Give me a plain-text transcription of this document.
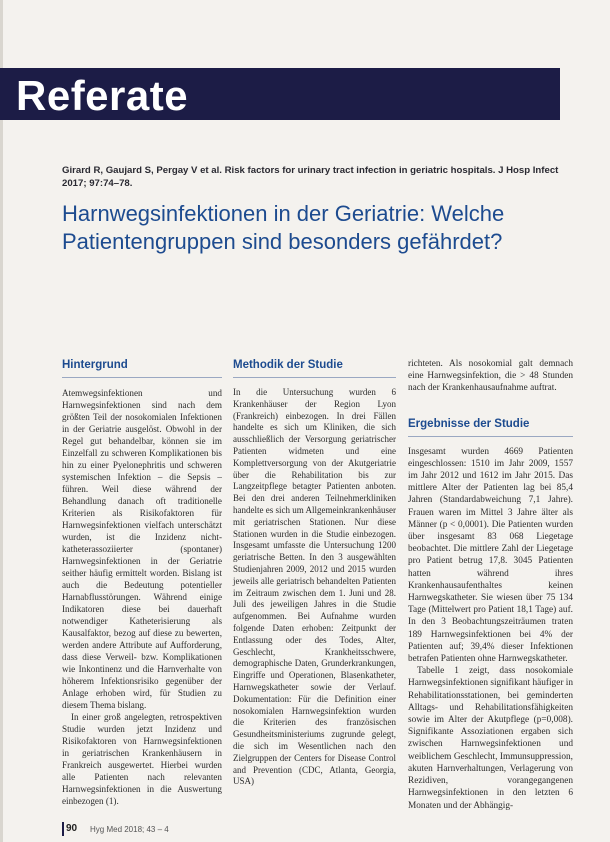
Referate
Girard R, Gaujard S, Pergay V et al. Risk factors for urinary tract infection in geriatric hospitals. J Hosp Infect 2017; 97:74–78.
Harnwegsinfektionen in der Geriatrie: Welche Patientengruppen sind besonders gefährdet?
Hintergrund

Atemwegsinfektionen und Harnwegsinfektionen sind nach dem größten Teil der nosokomialen Infektionen in der Geriatrie ausgelöst. Obwohl in der Regel gut behandelbar, können sie im Einzelfall zu schweren Komplikationen bis hin zu einer Pyelonephritis und schweren systemischen Infektion – die Sepsis – führen. Weil diese während der Behandlung danach oft traditionelle Kriterien als Risikofaktoren für Harnwegsinfektionen vielfach unterschätzt wurden, ist die Inzidenz nicht-katheterassoziierter (spontaner) Harnwegsinfektionen in der Geriatrie seither häufig ermittelt worden. Bislang ist auch die Bedeutung potentieller Harnabflusstörungen. Während einige Indikatoren diese bei dauerhaft notwendiger Katheterisierung als Kausalfaktor, bezog auf diese zu bewerten, werden andere Attribute auf Aufforderung, dass diese Verweil- bzw. Komplikationen wie Inkontinenz und die Harnverhalte von höherem Infektionsrisiko gegenüber der Anlage erhoben wird, für Studien zu diesem Thema bislang.

In einer groß angelegten, retrospektiven Studie wurden jetzt Inzidenz und Risikofaktoren von Harnwegsinfektionen in geriatrischen Krankenhäusern in Frankreich ausgewertet. Hierbei wurden alle Patienten nach relevanten Harnwegsinfektionen in die Auswertung einbezogen (1).

Methodik der Studie

In die Untersuchung wurden 6 Krankenhäuser der Region Lyon (Frankreich) einbezogen. In drei Fällen handelte es sich um Kliniken, die sich ausschließlich der Versorgung geriatrischer Patienten widmeten und eine Komplettversorgung von der Akutgeriatrie über die Rehabilitation bis zur Langzeitpflege betagter Patienten anboten. Bei den drei anderen Teilnehmerkliniken handelte es sich um Allgemeinkrankenhäuser mit geriatrischen Stationen. Nur diese Stationen wurden in die Studie einbezogen. Insgesamt umfasste die Untersuchung 1200 geriatrische Betten. In den 3 ausgewählten Studienjahren 2009, 2012 und 2015 wurden jeweils alle geriatrisch behandelten Patienten im Zeitraum zwischen dem 1. Juni und 28. Juli des jeweiligen Jahres in die Studie aufgenommen. Bei Aufnahme wurden folgende Daten erhoben: Zeitpunkt der Entlassung oder des Todes, Alter, Geschlecht, Krankheitsschwere, demographische Daten, Grunderkrankungen, Eingriffe und Operationen, Blasenkatheter, Harnwegskatheter sowie der Verlauf. Dokumentation: Für die Definition einer nosokomialen Harnwegsinfektion wurden die Kriterien des französischen Gesundheitsministeriums zugrunde gelegt, die sich im Wesentlichen nach den Zielgruppen der Centers for Disease Control and Prevention (CDC, Atlanta, Georgia, USA)

richteten. Als nosokomial galt demnach eine Harnwegsinfektion, die > 48 Stunden nach der Krankenhausaufnahme auftrat.

Ergebnisse der Studie

Insgesamt wurden 4669 Patienten eingeschlossen: 1510 im Jahr 2009, 1557 im Jahr 2012 und 1612 im Jahr 2015. Das mittlere Alter der Patienten lag bei 85,4 Jahren (Standardabweichung 7,1 Jahre). Frauen waren im Mittel 3 Jahre älter als Männer (p < 0,0001). Die Patienten wurden über insgesamt 83 068 Liegetage beobachtet. Die mittlere Zahl der Liegetage pro Patient betrug 17,8. 3045 Patienten hatten während ihres Krankenhausaufenthaltes keinen Harnwegskatheter. Sie wiesen über 75 134 Tage (Mittelwert pro Patient 18,1 Tage) auf. In den 3 Beobachtungszeiträumen traten 189 Harnwegsinfektionen bei 4% der Patienten auf; 39,4% dieser Infektionen betrafen Patienten ohne Harnwegskatheter.

Tabelle 1 zeigt, dass nosokomiale Harnwegsinfektionen signifikant häufiger in Rehabilitationsstationen, bei geminderten Alltags- und Rehabilitationsfähigkeiten sowie im Alter der Akutpflege (p=0,008). Signifikante Assoziationen ergaben sich zwischen Harnwegsinfektionen und weiblichem Geschlecht, Immunsuppression, akuten Harnverhaltungen, Verlagerung von Rezidiven, vorangegangenen Harnwegsinfektionen in den letzten 6 Monaten und der Abhängig-

90 Hyg Med 2018; 43 – 4
